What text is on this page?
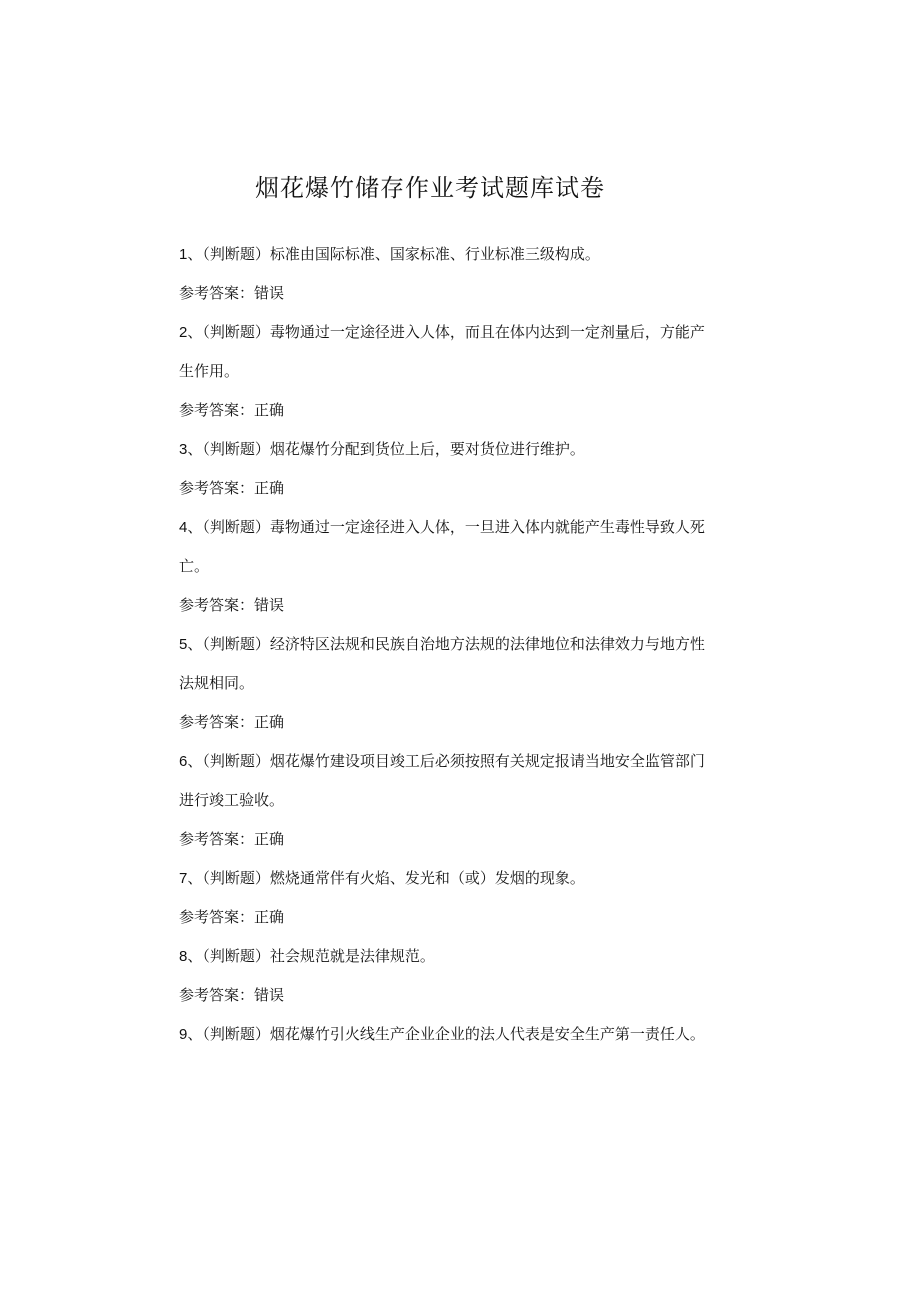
烟花爆竹储存作业考试题库试卷
1、（判断题）标准由国际标准、国家标准、行业标准三级构成。
参考答案：错误
2、（判断题）毒物通过一定途径进入人体，而且在体内达到一定剂量后，方能产
生作用。
参考答案：正确
3、（判断题）烟花爆竹分配到货位上后，要对货位进行维护。
参考答案：正确
4、（判断题）毒物通过一定途径进入人体，一旦进入体内就能产生毒性导致人死
亡。
参考答案：错误
5、（判断题）经济特区法规和民族自治地方法规的法律地位和法律效力与地方性
法规相同。
参考答案：正确
6、（判断题）烟花爆竹建设项目竣工后必须按照有关规定报请当地安全监管部门
进行竣工验收。
参考答案：正确
7、（判断题）燃烧通常伴有火焰、发光和（或）发烟的现象。
参考答案：正确
8、（判断题）社会规范就是法律规范。
参考答案：错误
9、（判断题）烟花爆竹引火线生产企业企业的法人代表是安全生产第一责任人。
